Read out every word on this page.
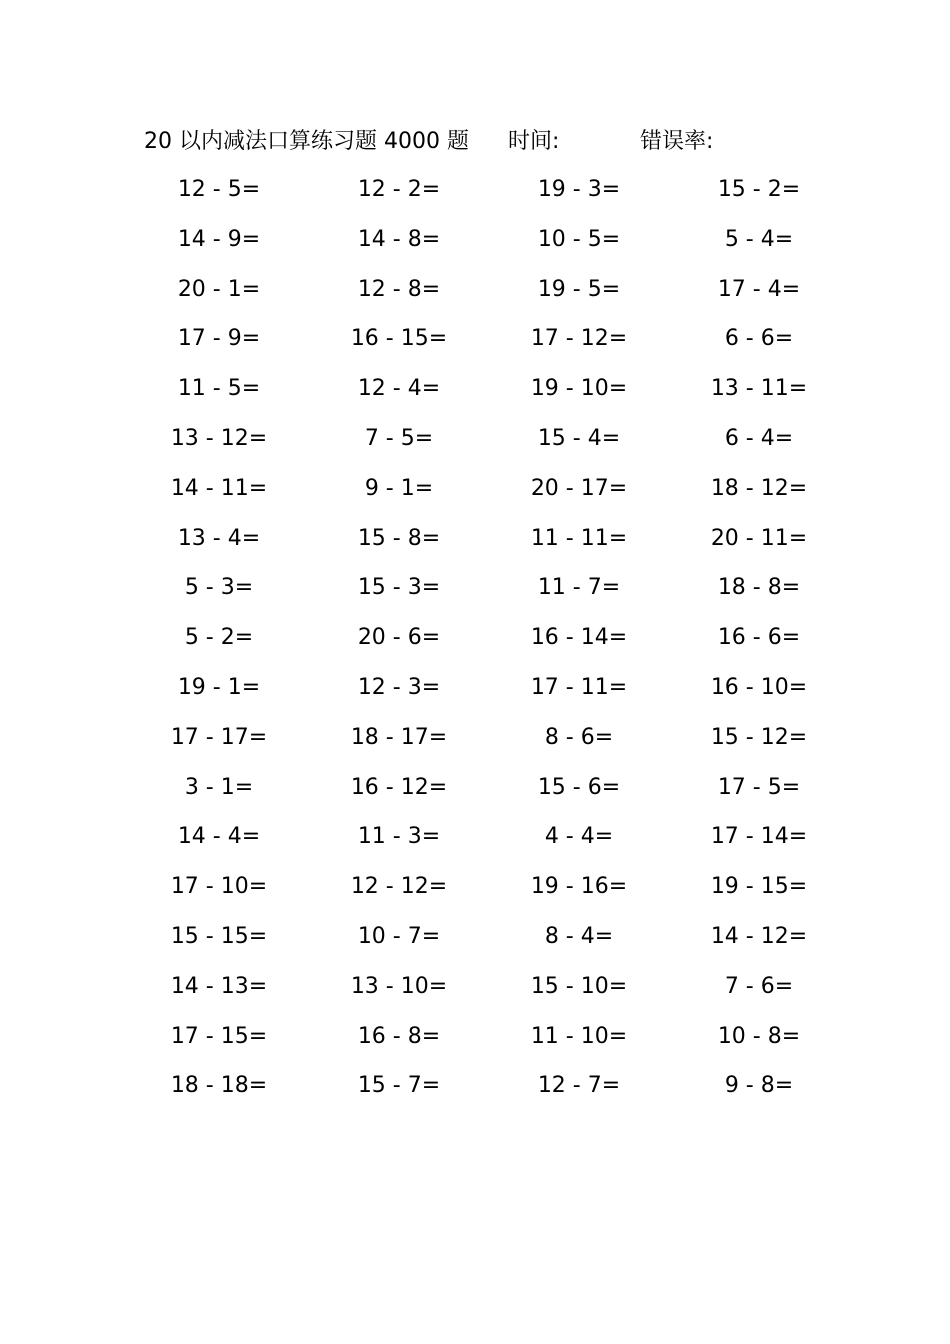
20 以内减法口算练习题 4000 题 时间:	错误率:
12 - 5=	12 - 2=	19 - 3=	15 - 2=
14 - 9=	14 - 8=	10 - 5=	5 - 4=
20 - 1=	12 - 8=	19 - 5=	17 - 4=
17 - 9=	16 - 15=	17 - 12=	6 - 6=
11 - 5=	12 - 4=	19 - 10=	13 - 11=
13 - 12=	7 - 5=	15 - 4=	6 - 4=
14 - 11=	9 - 1=	20 - 17=	18 - 12=
13 - 4=	15 - 8=	11 - 11=	20 - 11=
5 - 3=	15 - 3=	11 - 7=	18 - 8=
5 - 2=	20 - 6=	16 - 14=	16 - 6=
19 - 1=	12 - 3=	17 - 11=	16 - 10=
17 - 17=	18 - 17=	8 - 6=	15 - 12=
3 - 1=	16 - 12=	15 - 6=	17 - 5=
14 - 4=	11 - 3=	4 - 4=	17 - 14=
17 - 10=	12 - 12=	19 - 16=	19 - 15=
15 - 15=	10 - 7=	8 - 4=	14 - 12=
14 - 13=	13 - 10=	15 - 10=	7 - 6=
17 - 15=	16 - 8=	11 - 10=	10 - 8=
18 - 18=	15 - 7=	12 - 7=	9 - 8=
